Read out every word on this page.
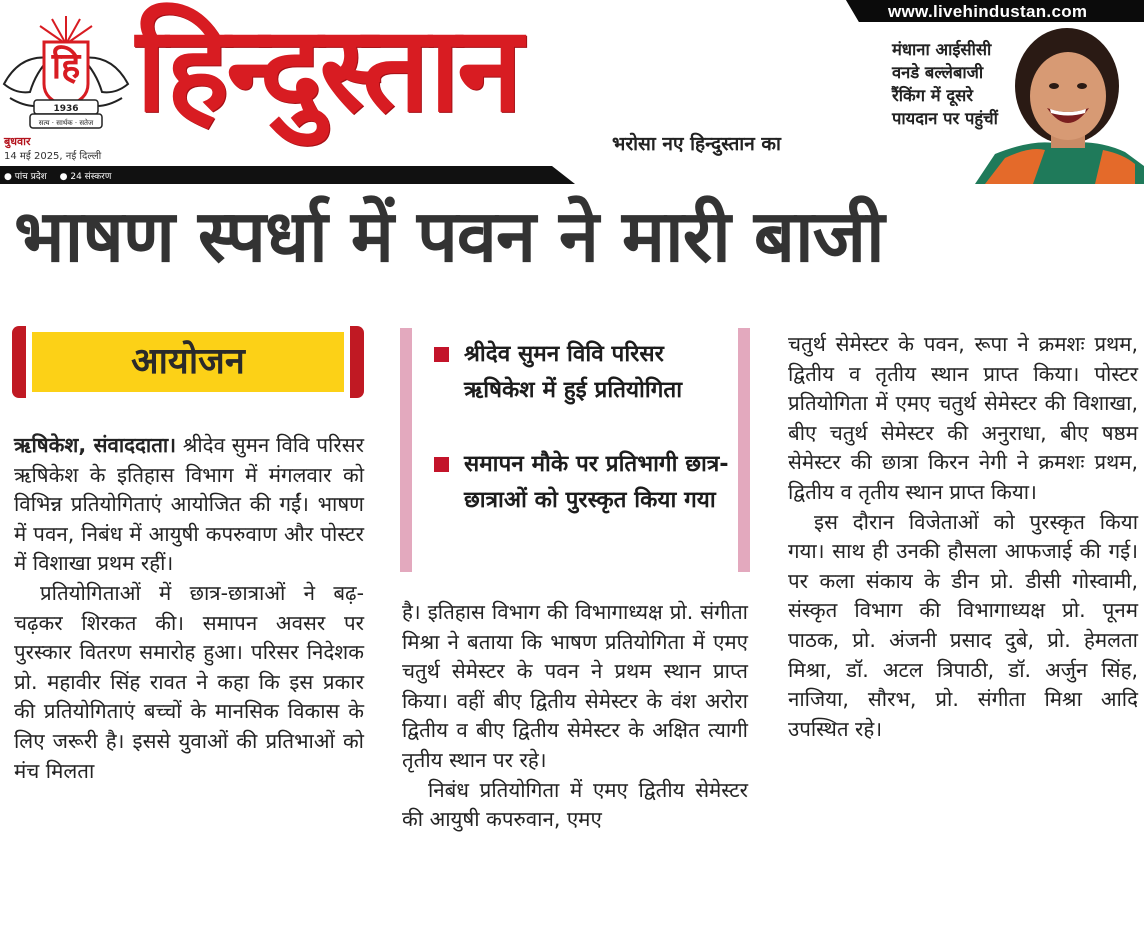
हि
1936
सत्य · सार्थक · सतेज
बुधवार
14 मई 2025, नई दिल्ली
हिन्दुस्तान
भरोसा नए हिन्दुस्तान का
● पांच प्रदेश ● 24 संस्करण
www.livehindustan.com
मंधाना आईसीसी
वनडे बल्लेबाजी
रैंकिंग में दूसरे
पायदान पर पहुंचीं
भाषण स्पर्धा में पवन ने मारी बाजी
आयोजन

ऋषिकेश, संवाददाता। श्रीदेव सुमन विवि परिसर ऋषिकेश के इतिहास विभाग में मंगलवार को विभिन्न प्रतियोगिताएं आयोजित की गईं। भाषण में पवन, निबंध में आयुषी कपरुवाण और पोस्टर में विशाखा प्रथम रहीं।

प्रतियोगिताओं में छात्र-छात्राओं ने बढ़-चढ़कर शिरकत की। समापन अवसर पर पुरस्कार वितरण समारोह हुआ। परिसर निदेशक प्रो. महावीर सिंह रावत ने कहा कि इस प्रकार की प्रतियोगिताएं बच्चों के मानसिक विकास के लिए जरूरी है। इससे युवाओं की प्रतिभाओं को मंच मिलता

श्रीदेव सुमन विवि परिसर ऋषिकेश में हुई प्रतियोगिता
समापन मौके पर प्रतिभागी छात्र-छात्राओं को पुरस्कृत किया गया

है। इतिहास विभाग की विभागाध्यक्ष प्रो. संगीता मिश्रा ने बताया कि भाषण प्रतियोगिता में एमए चतुर्थ सेमेस्टर के पवन ने प्रथम स्थान प्राप्त किया। वहीं बीए द्वितीय सेमेस्टर के वंश अरोरा द्वितीय व बीए द्वितीय सेमेस्टर के अक्षित त्यागी तृतीय स्थान पर रहे।

निबंध प्रतियोगिता में एमए द्वितीय सेमेस्टर की आयुषी कपरुवान, एमए

चतुर्थ सेमेस्टर के पवन, रूपा ने क्रमशः प्रथम, द्वितीय व तृतीय स्थान प्राप्त किया। पोस्टर प्रतियोगिता में एमए चतुर्थ सेमेस्टर की विशाखा, बीए चतुर्थ सेमेस्टर की अनुराधा, बीए षष्ठम सेमेस्टर की छात्रा किरन नेगी ने क्रमशः प्रथम, द्वितीय व तृतीय स्थान प्राप्त किया।

इस दौरान विजेताओं को पुरस्कृत किया गया। साथ ही उनकी हौसला आफजाई की गई। पर कला संकाय के डीन प्रो. डीसी गोस्वामी, संस्कृत विभाग की विभागाध्यक्ष प्रो. पूनम पाठक, प्रो. अंजनी प्रसाद दुबे, प्रो. हेमलता मिश्रा, डॉ. अटल त्रिपाठी, डॉ. अर्जुन सिंह, नाजिया, सौरभ, प्रो. संगीता मिश्रा आदि उपस्थित रहे।
